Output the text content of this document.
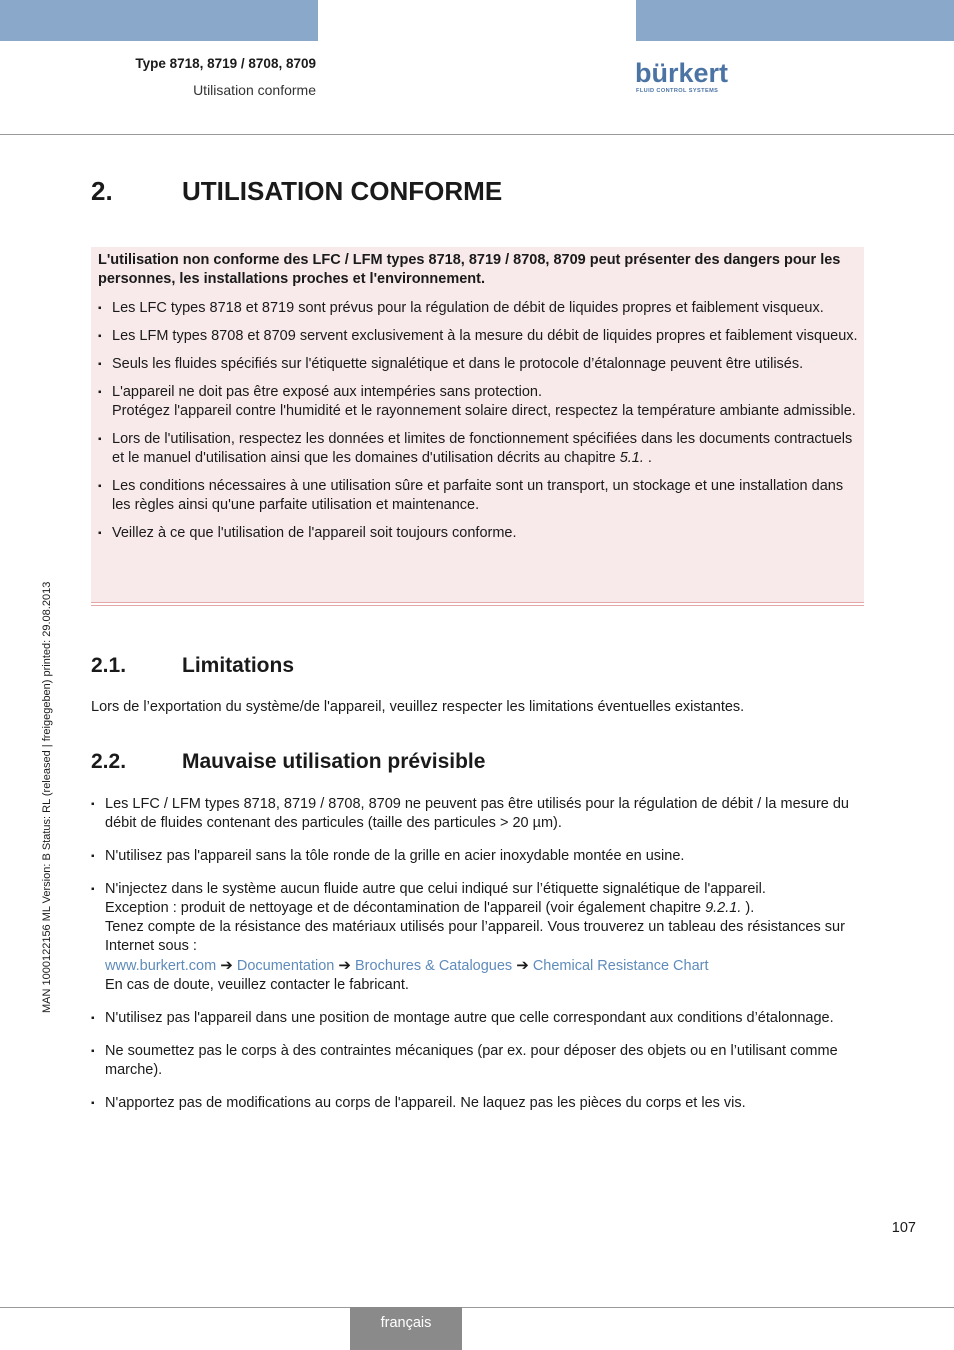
Type 8718, 8719 / 8708, 8709
Utilisation conforme
bürkert
FLUID CONTROL SYSTEMS
MAN 1000122156 ML Version: B Status: RL (released | freigegeben) printed: 29.08.2013
2.	UTILISATION CONFORME
L'utilisation non conforme des LFC / LFM types 8718, 8719 / 8708, 8709 peut présenter des dangers pour les personnes, les installations proches et l'environnement.
▪ Les LFC types 8718 et 8719 sont prévus pour la régulation de débit de liquides propres et faiblement visqueux.
▪ Les LFM types 8708 et 8709 servent exclusivement à la mesure du débit de liquides propres et faiblement visqueux.
▪ Seuls les fluides spécifiés sur l'étiquette signalétique et dans le protocole d’étalonnage peuvent être utilisés.
▪ L'appareil ne doit pas être exposé aux intempéries sans protection.
Protégez l'appareil contre l'humidité et le rayonnement solaire direct, respectez la température ambiante admissible.
▪ Lors de l'utilisation, respectez les données et limites de fonctionnement spécifiées dans les documents contractuels et le manuel d'utilisation ainsi que les domaines d'utilisation décrits au chapitre 5.1. .
▪ Les conditions nécessaires à une utilisation sûre et parfaite sont un transport, un stockage et une installation dans les règles ainsi qu'une parfaite utilisation et maintenance.
▪ Veillez à ce que l'utilisation de l'appareil soit toujours conforme.
2.1.	Limitations

Lors de l’exportation du système/de l'appareil, veuillez respecter les limitations éventuelles existantes.

2.2.	Mauvaise utilisation prévisible
▪ Les LFC / LFM types 8718, 8719 / 8708, 8709 ne peuvent pas être utilisés pour la régulation de débit / la mesure du débit de fluides contenant des particules (taille des particules > 20 µm).
▪ N'utilisez pas l'appareil sans la tôle ronde de la grille en acier inoxydable montée en usine.
▪ N'injectez dans le système aucun fluide autre que celui indiqué sur l’étiquette signalétique de l'appareil.
Exception : produit de nettoyage et de décontamination de l'appareil (voir également chapitre 9.2.1. ).
Tenez compte de la résistance des matériaux utilisés pour l’appareil. Vous trouverez un tableau des résistances sur Internet sous :
www.burkert.com ➔ Documentation ➔ Brochures & Catalogues ➔ Chemical Resistance Chart
En cas de doute, veuillez contacter le fabricant.
▪ N'utilisez pas l'appareil dans une position de montage autre que celle correspondant aux conditions d’étalonnage.
▪ Ne soumettez pas le corps à des contraintes mécaniques (par ex. pour déposer des objets ou en l’utilisant comme marche).
▪ N'apportez pas de modifications au corps de l'appareil. Ne laquez pas les pièces du corps et les vis.
107
français
